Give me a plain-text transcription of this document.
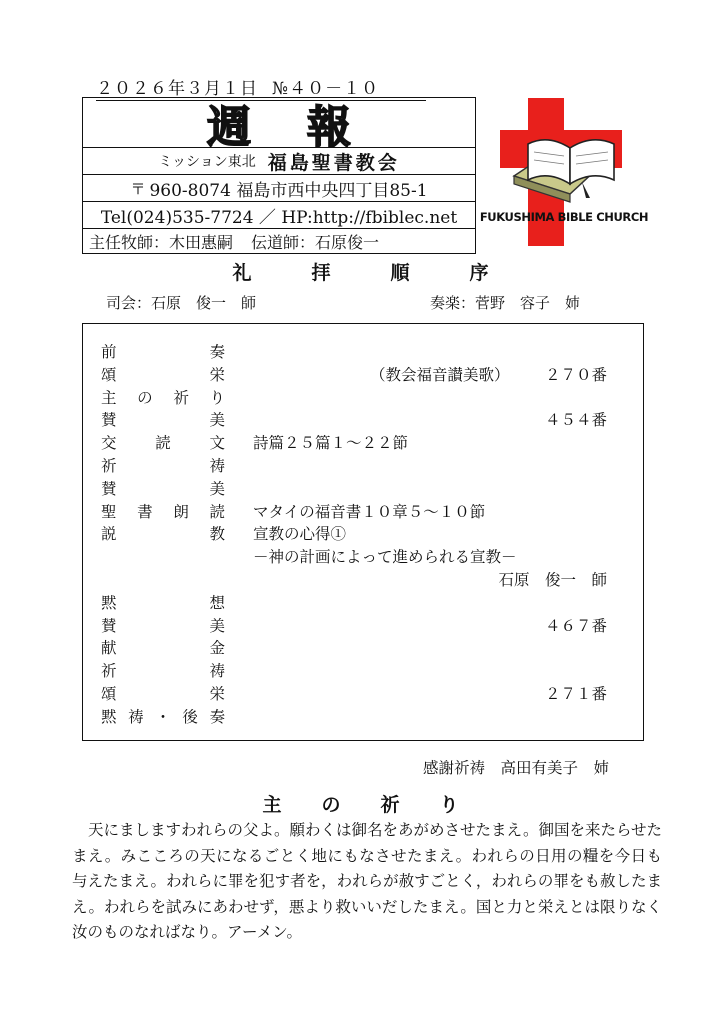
２０２６年３月１日 №４０－１０
週報
ミッション東北 福島聖書教会
〒 960-8074 福島市西中央四丁目85-1
Tel(024)535-7724 ／ HP:http://fbiblec.net
主任牧師：木田惠嗣 伝道師：石原俊一
FUKUSHIMA BIBLE CHURCH
礼	拝	順	序
司会：石原　俊一　師	奏楽：菅野　容子　姉
前	奏
頌	栄	（教会福音讃美歌） ２７０番
主 の 祈 り
賛	美	４５４番
交 読 文 詩篇２５篇１～２２節
祈	祷
賛	美
聖 書 朗 読 マタイの福音書１０章５～１０節
説	教 宣教の心得①
－神の計画によって進められる宣教－
石原　俊一　師
黙	想
賛	美	４６７番
献	金
祈	祷
頌	栄	２７１番
黙 祷 ・ 後 奏
感謝祈祷　高田有美子　姉
主 の 祈 り
天にましますわれらの父よ。願わくは御名をあがめさせたまえ。御国を来たらせたまえ。みこころの天になるごとく地にもなさせたまえ。われらの日用の糧を今日も与えたまえ。われらに罪を犯す者を，われらが赦すごとく，われらの罪をも赦したまえ。われらを試みにあわせず，悪より救いいだしたまえ。国と力と栄えとは限りなく汝のものなればなり。アーメン。
